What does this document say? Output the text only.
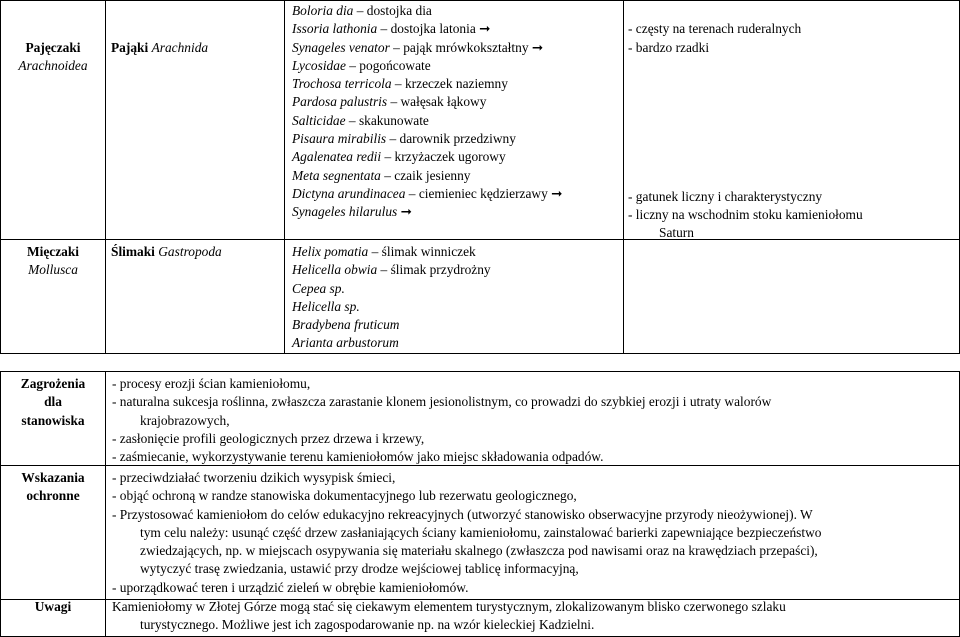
Pajęczaki
Arachnoidea
Pająki Arachnida
Boloria dia – dostojka dia
Issoria lathonia – dostojka latonia ➞
Synageles venator – pająk mrówkokształtny ➞
Lycosidae – pogońcowate
Trochosa terricola – krzeczek naziemny
Pardosa palustris – wałęsak łąkowy
Salticidae – skakunowate
Pisaura mirabilis – darownik przedziwny
Agalenatea redii – krzyżaczek ugorowy
Meta segnentata – czaik jesienny
Dictyna arundinacea – ciemieniec kędzierzawy ➞
Synageles hilarulus ➞
- częsty na terenach ruderalnych
- bardzo rzadki
- gatunek liczny i charakterystyczny
- liczny na wschodnim stoku kamieniołomu
Saturn
Mięczaki
Mollusca
Ślimaki Gastropoda	Helix pomatia – ślimak winniczek
Helicella obwia – ślimak przydrożny
Cepea sp.
Helicella sp.
Bradybena fruticum
Arianta arbustorum
Zagrożenia
dla
stanowiska
- procesy erozji ścian kamieniołomu,
- naturalna sukcesja roślinna, zwłaszcza zarastanie klonem jesionolistnym, co prowadzi do szybkiej erozji i utraty walorów
krajobrazowych,
- zasłonięcie profili geologicznych przez drzewa i krzewy,
- zaśmiecanie, wykorzystywanie terenu kamieniołomów jako miejsc składowania odpadów.
Wskazania
ochronne
- przeciwdziałać tworzeniu dzikich wysypisk śmieci,
- objąć ochroną w randze stanowiska dokumentacyjnego lub rezerwatu geologicznego,
- Przystosować kamieniołom do celów edukacyjno rekreacyjnych (utworzyć stanowisko obserwacyjne przyrody nieożywionej). W
tym celu należy: usunąć część drzew zasłaniających ściany kamieniołomu, zainstalować barierki zapewniające bezpieczeństwo
zwiedzających, np. w miejscach osypywania się materiału skalnego (zwłaszcza pod nawisami oraz na krawędziach przepaści),
wytyczyć trasę zwiedzania, ustawić przy drodze wejściowej tablicę informacyjną,
- uporządkować teren i urządzić zieleń w obrębie kamieniołomów.
Uwagi	Kamieniołomy w Złotej Górze mogą stać się ciekawym elementem turystycznym, zlokalizowanym blisko czerwonego szlaku
turystycznego. Możliwe jest ich zagospodarowanie np. na wzór kieleckiej Kadzielni.
